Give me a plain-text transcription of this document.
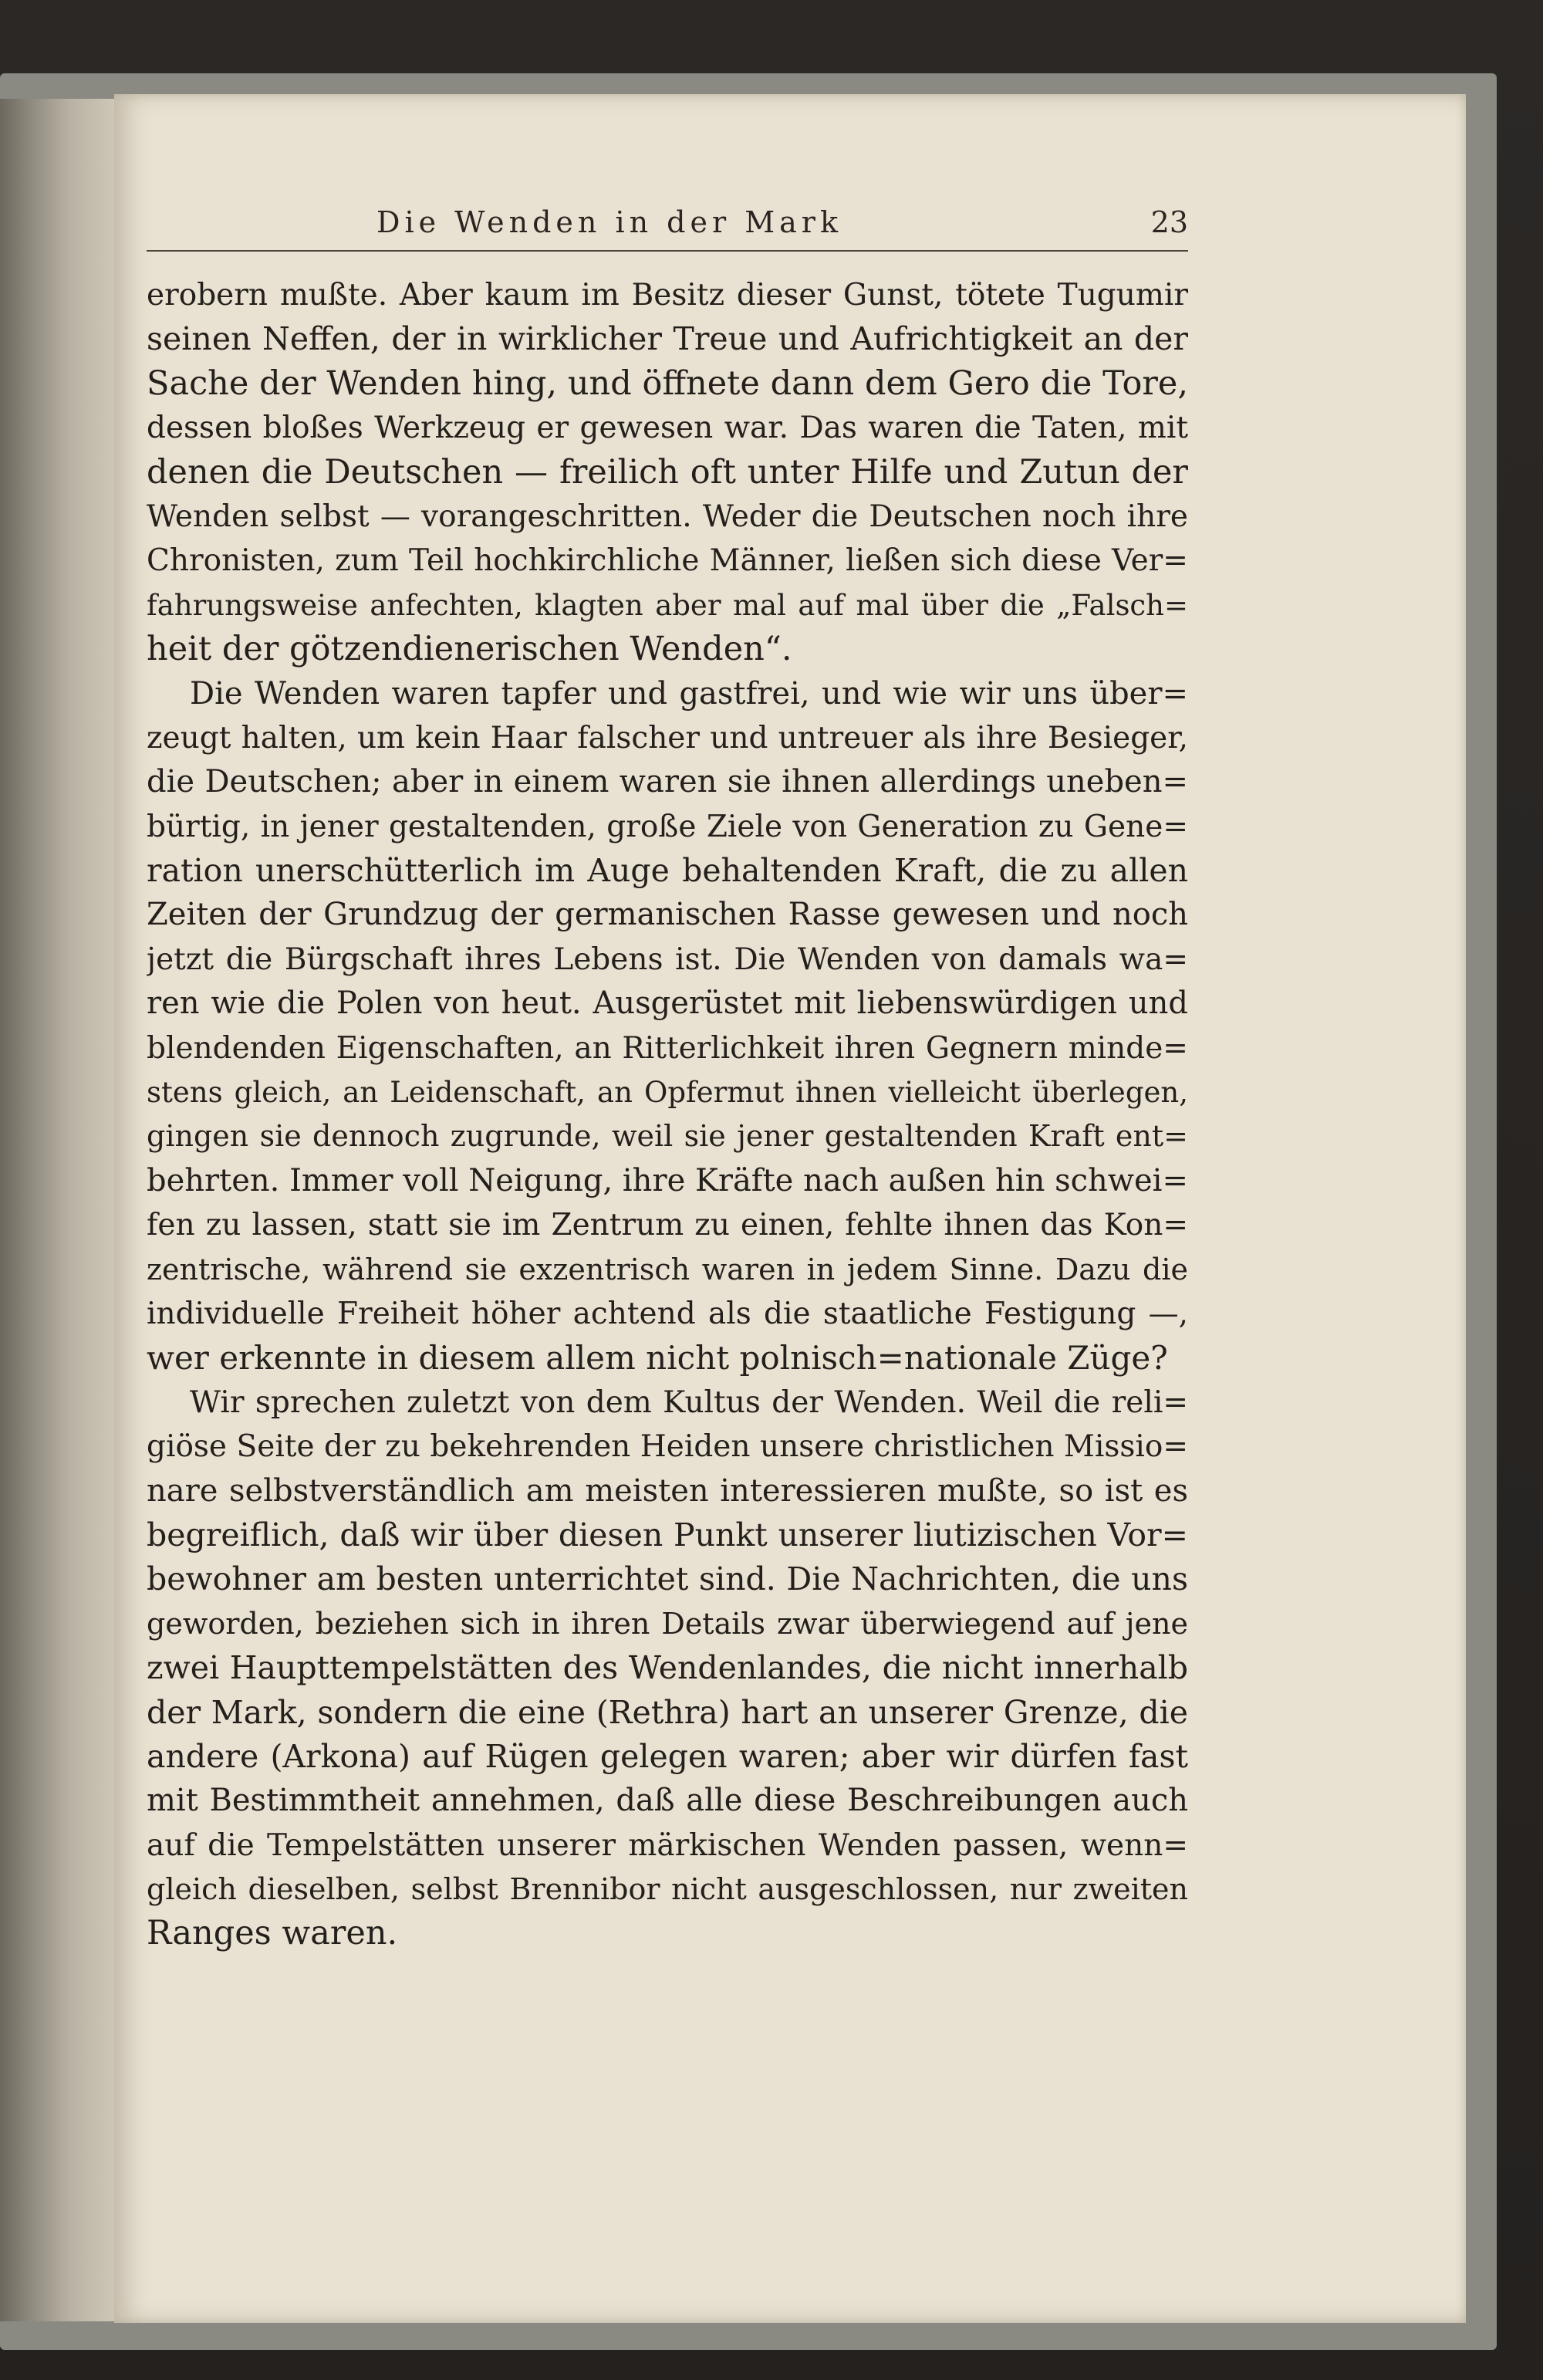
Die Wenden in der Mark	23
erobern mußte. Aber kaum im Besitz dieser Gunst, tötete Tugumir
seinen Neffen, der in wirklicher Treue und Aufrichtigkeit an der
Sache der Wenden hing, und öffnete dann dem Gero die Tore,
dessen bloßes Werkzeug er gewesen war. Das waren die Taten, mit
denen die Deutschen — freilich oft unter Hilfe und Zutun der
Wenden selbst — vorangeschritten. Weder die Deutschen noch ihre
Chronisten, zum Teil hochkirchliche Männer, ließen sich diese Ver=
fahrungsweise anfechten, klagten aber mal auf mal über die „Falsch=
heit der götzendienerischen Wenden“.
Die Wenden waren tapfer und gastfrei, und wie wir uns über=
zeugt halten, um kein Haar falscher und untreuer als ihre Besieger,
die Deutschen; aber in einem waren sie ihnen allerdings uneben=
bürtig, in jener gestaltenden, große Ziele von Generation zu Gene=
ration unerschütterlich im Auge behaltenden Kraft, die zu allen
Zeiten der Grundzug der germanischen Rasse gewesen und noch
jetzt die Bürgschaft ihres Lebens ist. Die Wenden von damals wa=
ren wie die Polen von heut. Ausgerüstet mit liebenswürdigen und
blendenden Eigenschaften, an Ritterlichkeit ihren Gegnern minde=
stens gleich, an Leidenschaft, an Opfermut ihnen vielleicht überlegen,
gingen sie dennoch zugrunde, weil sie jener gestaltenden Kraft ent=
behrten. Immer voll Neigung, ihre Kräfte nach außen hin schwei=
fen zu lassen, statt sie im Zentrum zu einen, fehlte ihnen das Kon=
zentrische, während sie exzentrisch waren in jedem Sinne. Dazu die
individuelle Freiheit höher achtend als die staatliche Festigung —,
wer erkennte in diesem allem nicht polnisch=nationale Züge?
Wir sprechen zuletzt von dem Kultus der Wenden. Weil die reli=
giöse Seite der zu bekehrenden Heiden unsere christlichen Missio=
nare selbstverständlich am meisten interessieren mußte, so ist es
begreiflich, daß wir über diesen Punkt unserer liutizischen Vor=
bewohner am besten unterrichtet sind. Die Nachrichten, die uns
geworden, beziehen sich in ihren Details zwar überwiegend auf jene
zwei Haupttempelstätten des Wendenlandes, die nicht innerhalb
der Mark, sondern die eine (Rethra) hart an unserer Grenze, die
andere (Arkona) auf Rügen gelegen waren; aber wir dürfen fast
mit Bestimmtheit annehmen, daß alle diese Beschreibungen auch
auf die Tempelstätten unserer märkischen Wenden passen, wenn=
gleich dieselben, selbst Brennibor nicht ausgeschlossen, nur zweiten
Ranges waren.
